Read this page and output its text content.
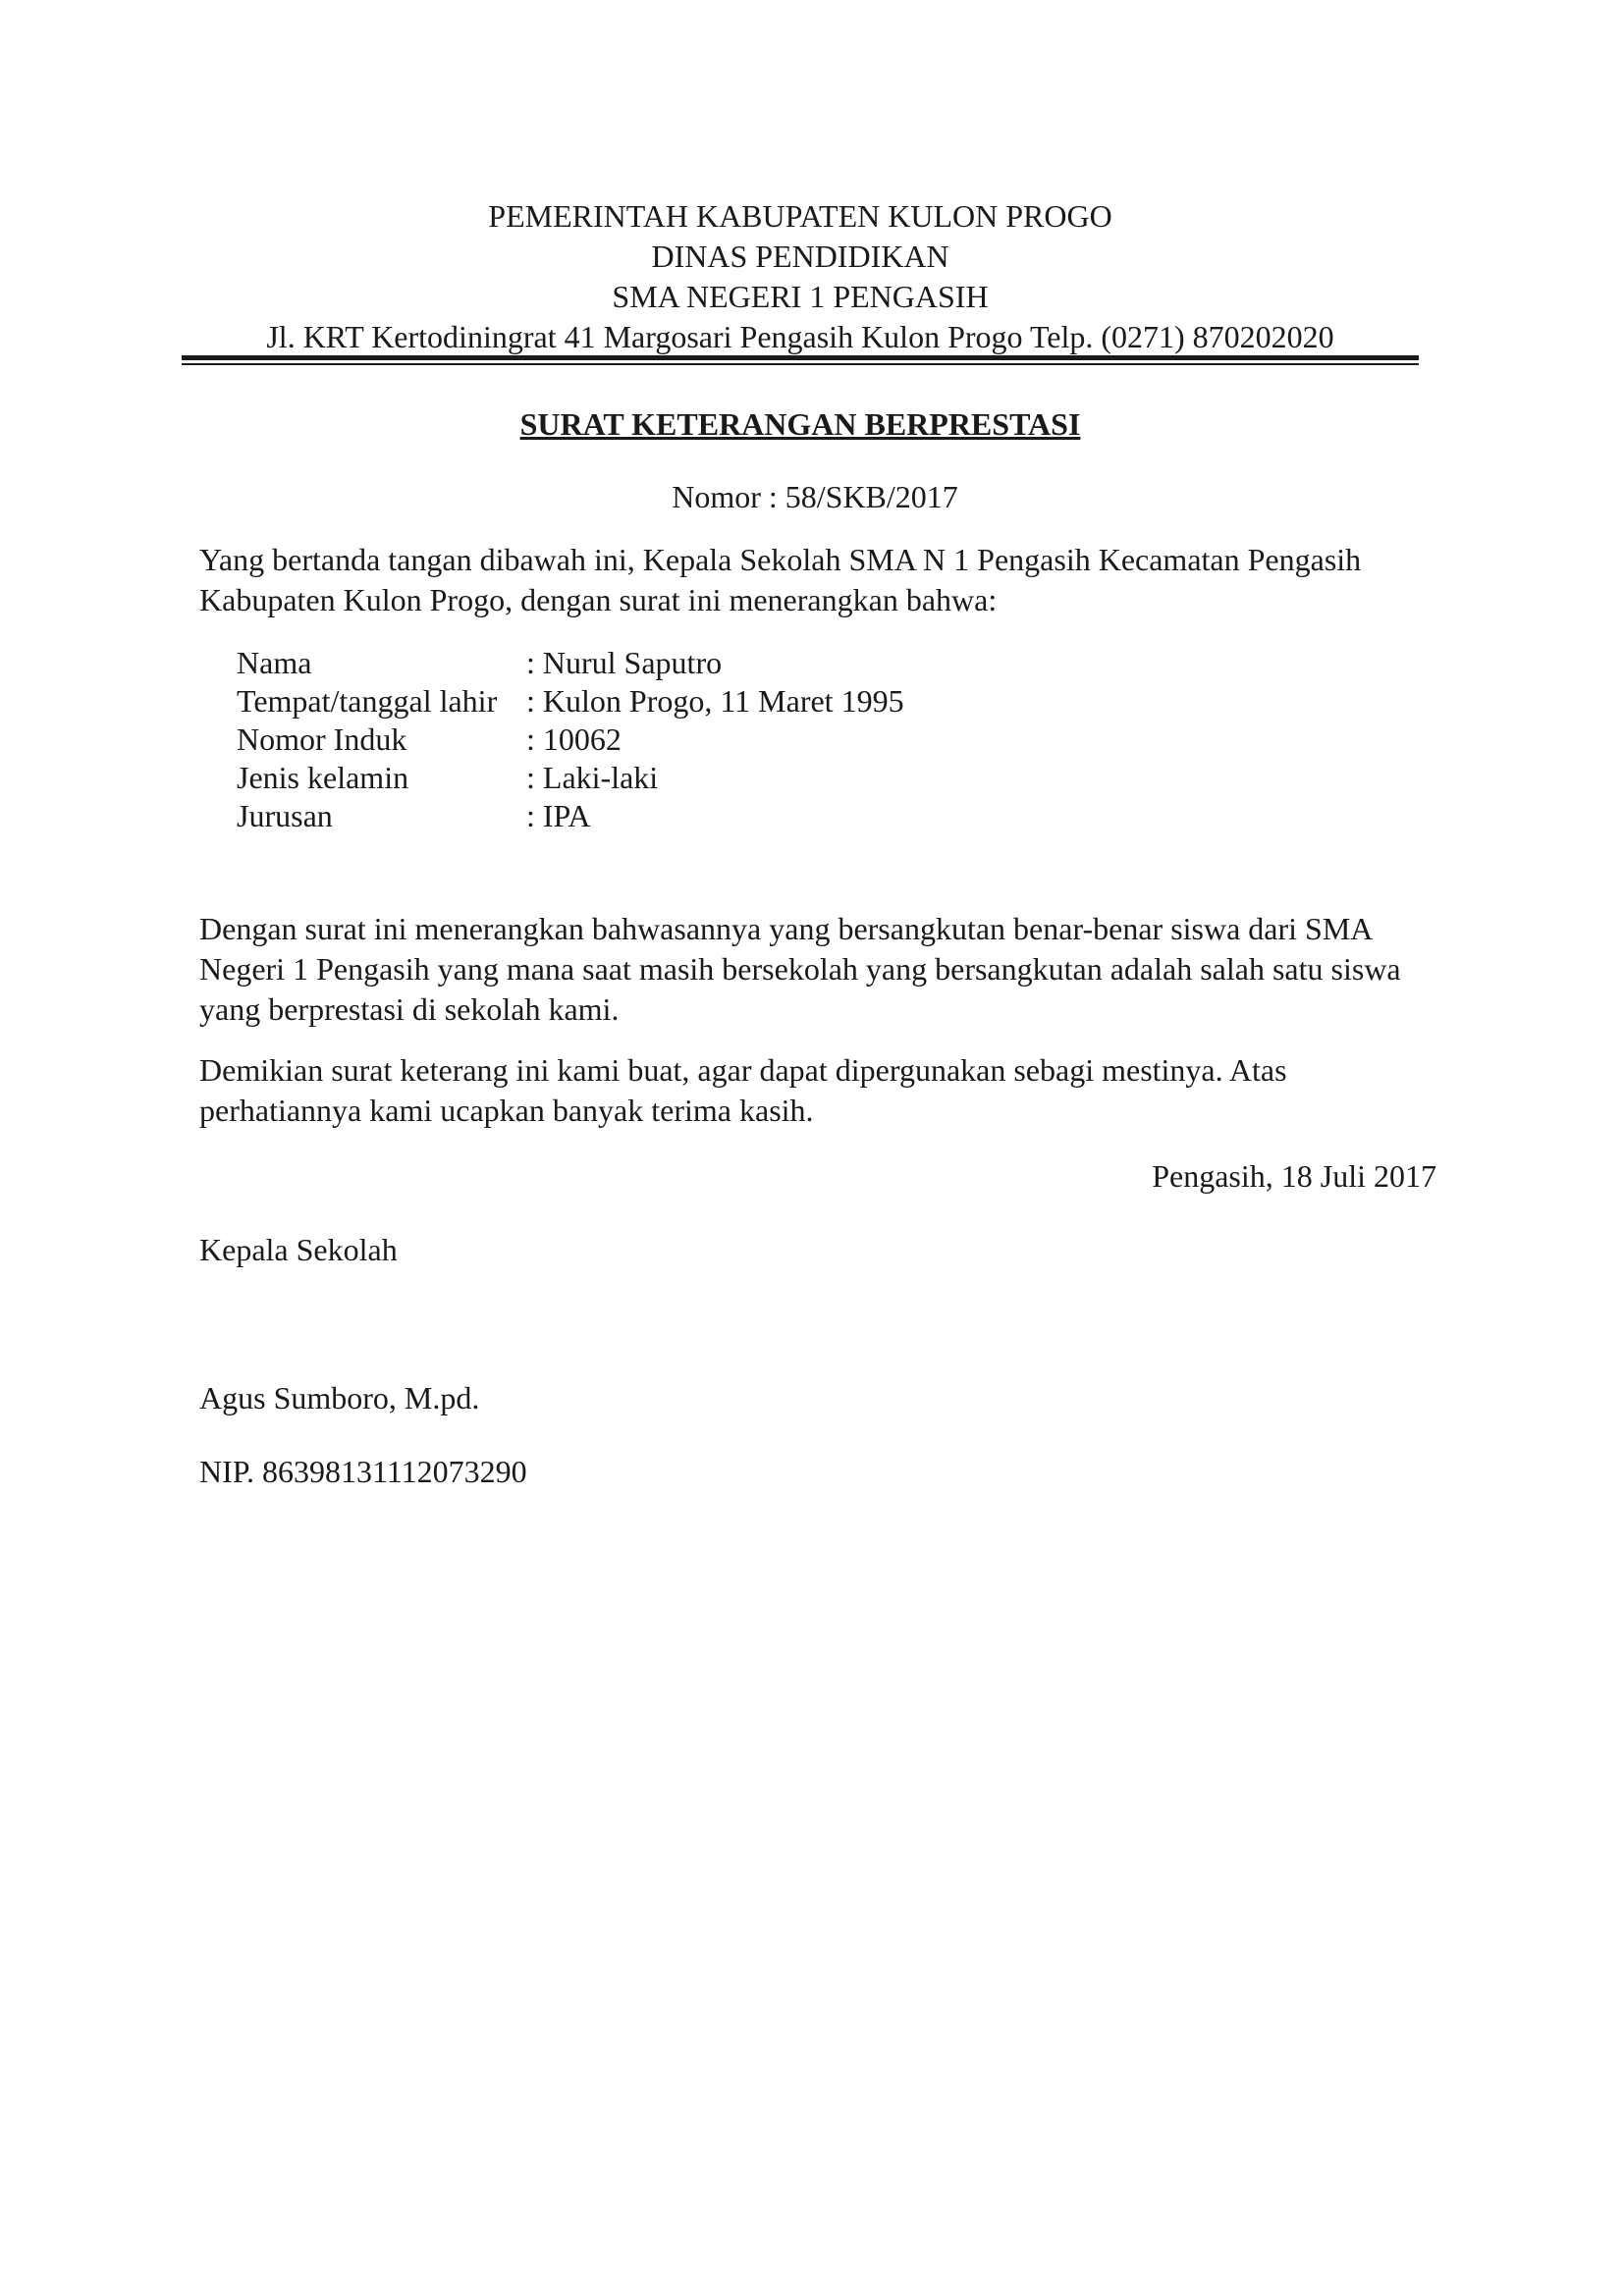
PEMERINTAH KABUPATEN KULON PROGO
DINAS PENDIDIKAN
SMA NEGERI 1 PENGASIH
Jl. KRT Kertodiningrat 41 Margosari Pengasih Kulon Progo Telp. (0271) 870202020
SURAT KETERANGAN BERPRESTASI
Nomor : 58/SKB/2017
Yang bertanda tangan dibawah ini, Kepala Sekolah SMA N 1 Pengasih Kecamatan Pengasih Kabupaten Kulon Progo, dengan surat ini menerangkan bahwa:
Nama	: Nurul Saputro
Tempat/tanggal lahir	: Kulon Progo, 11 Maret 1995
Nomor Induk	: 10062
Jenis kelamin	: Laki-laki
Jurusan	: IPA
Dengan surat ini menerangkan bahwasannya yang bersangkutan benar-benar siswa dari SMA Negeri 1 Pengasih yang mana saat masih bersekolah yang bersangkutan adalah salah satu siswa yang berprestasi di sekolah kami.
Demikian surat keterang ini kami buat, agar dapat dipergunakan sebagi mestinya. Atas perhatiannya kami ucapkan banyak terima kasih.
Pengasih, 18 Juli 2017
Kepala Sekolah
Agus Sumboro, M.pd.
NIP. 86398131112073290
